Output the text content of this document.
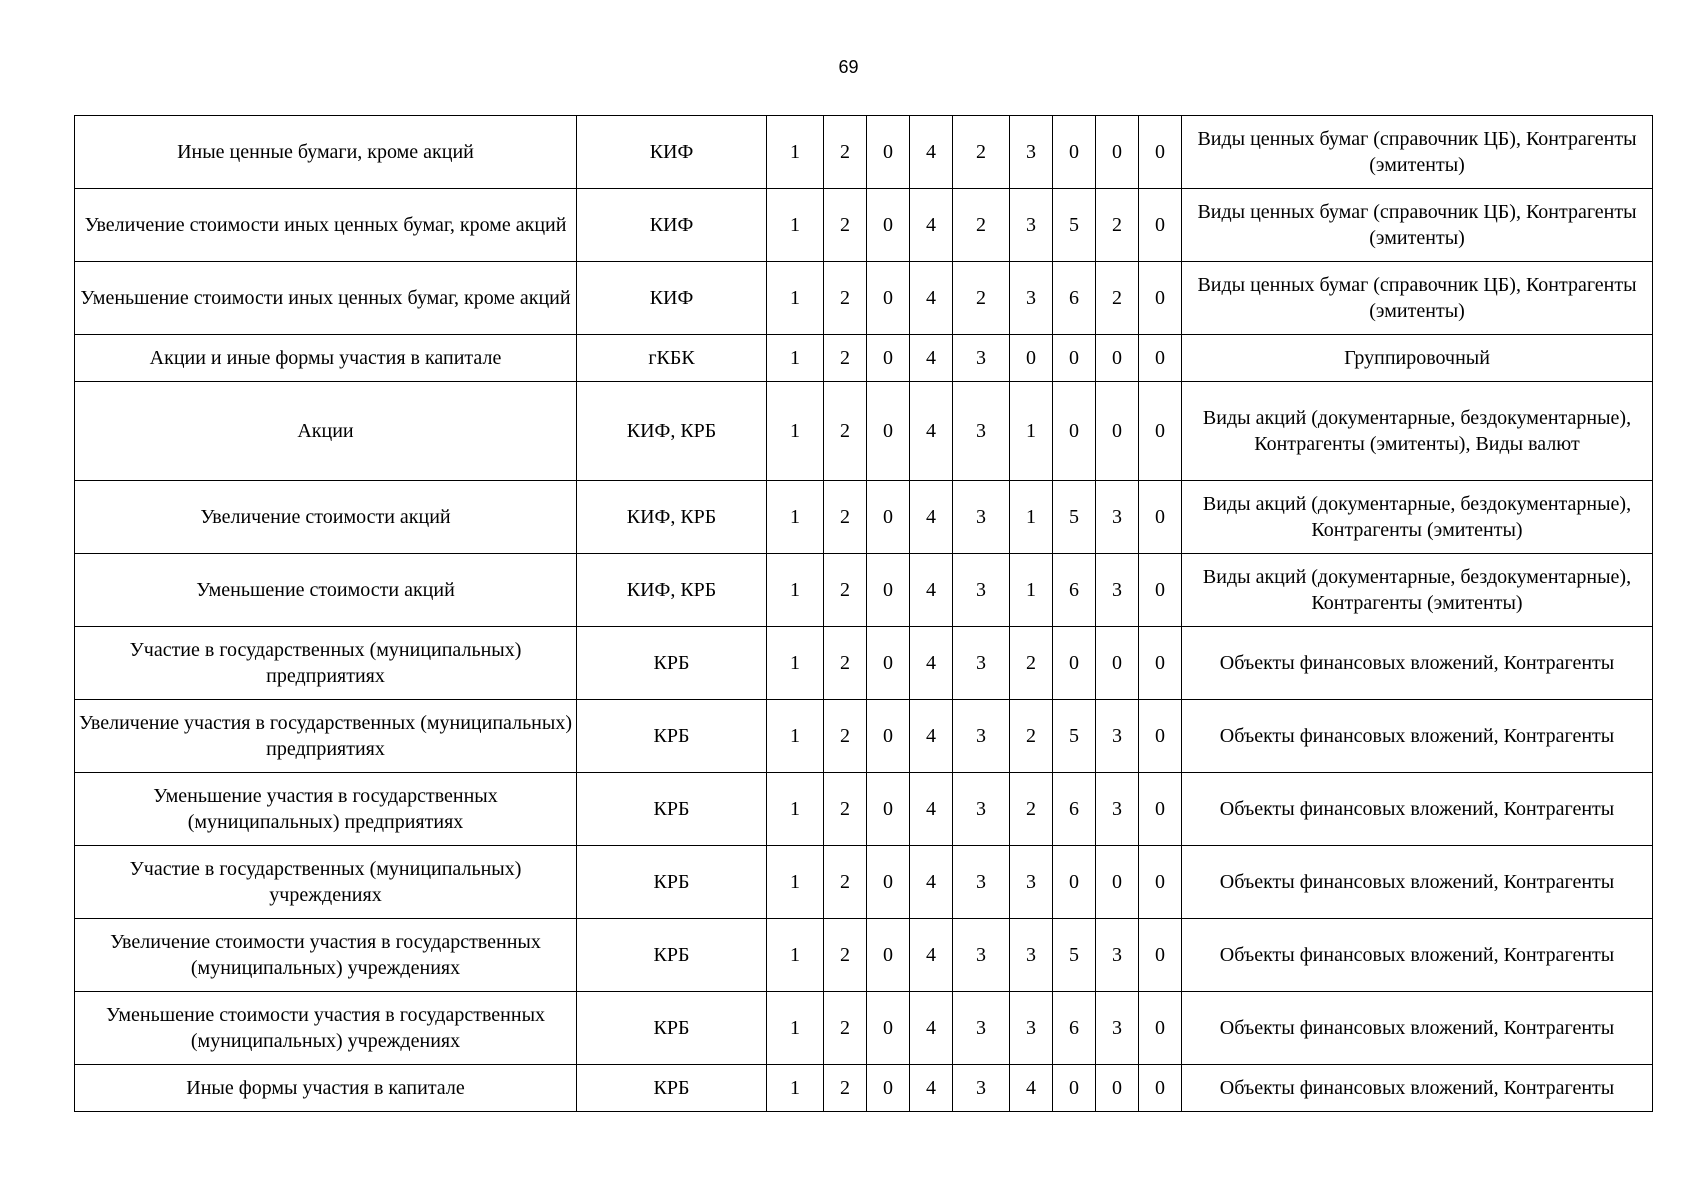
69
Иные ценные бумаги, кроме акций	КИФ	1	2	0	4	2	3	0	0	0	Виды ценных бумаг (справочник ЦБ), Контрагенты (эмитенты)
Увеличение стоимости иных ценных бумаг, кроме акций	КИФ	1	2	0	4	2	3	5	2	0	Виды ценных бумаг (справочник ЦБ), Контрагенты (эмитенты)
Уменьшение стоимости иных ценных бумаг, кроме акций	КИФ	1	2	0	4	2	3	6	2	0	Виды ценных бумаг (справочник ЦБ), Контрагенты (эмитенты)
Акции и иные формы участия в капитале	гКБК	1	2	0	4	3	0	0	0	0	Группировочный
Акции	КИФ, КРБ	1	2	0	4	3	1	0	0	0	Виды акций (документарные, бездокументарные), Контрагенты (эмитенты), Виды валют
Увеличение стоимости акций	КИФ, КРБ	1	2	0	4	3	1	5	3	0	Виды акций (документарные, бездокументарные), Контрагенты (эмитенты)
Уменьшение стоимости акций	КИФ, КРБ	1	2	0	4	3	1	6	3	0	Виды акций (документарные, бездокументарные), Контрагенты (эмитенты)
Участие в государственных (муниципальных) предприятиях	КРБ	1	2	0	4	3	2	0	0	0	Объекты финансовых вложений, Контрагенты
Увеличение участия в государственных (муниципальных) предприятиях	КРБ	1	2	0	4	3	2	5	3	0	Объекты финансовых вложений, Контрагенты
Уменьшение участия в государственных (муниципальных) предприятиях	КРБ	1	2	0	4	3	2	6	3	0	Объекты финансовых вложений, Контрагенты
Участие в государственных (муниципальных) учреждениях	КРБ	1	2	0	4	3	3	0	0	0	Объекты финансовых вложений, Контрагенты
Увеличение стоимости участия в государственных (муниципальных) учреждениях	КРБ	1	2	0	4	3	3	5	3	0	Объекты финансовых вложений, Контрагенты
Уменьшение стоимости участия в государственных (муниципальных) учреждениях	КРБ	1	2	0	4	3	3	6	3	0	Объекты финансовых вложений, Контрагенты
Иные формы участия в капитале	КРБ	1	2	0	4	3	4	0	0	0	Объекты финансовых вложений, Контрагенты
